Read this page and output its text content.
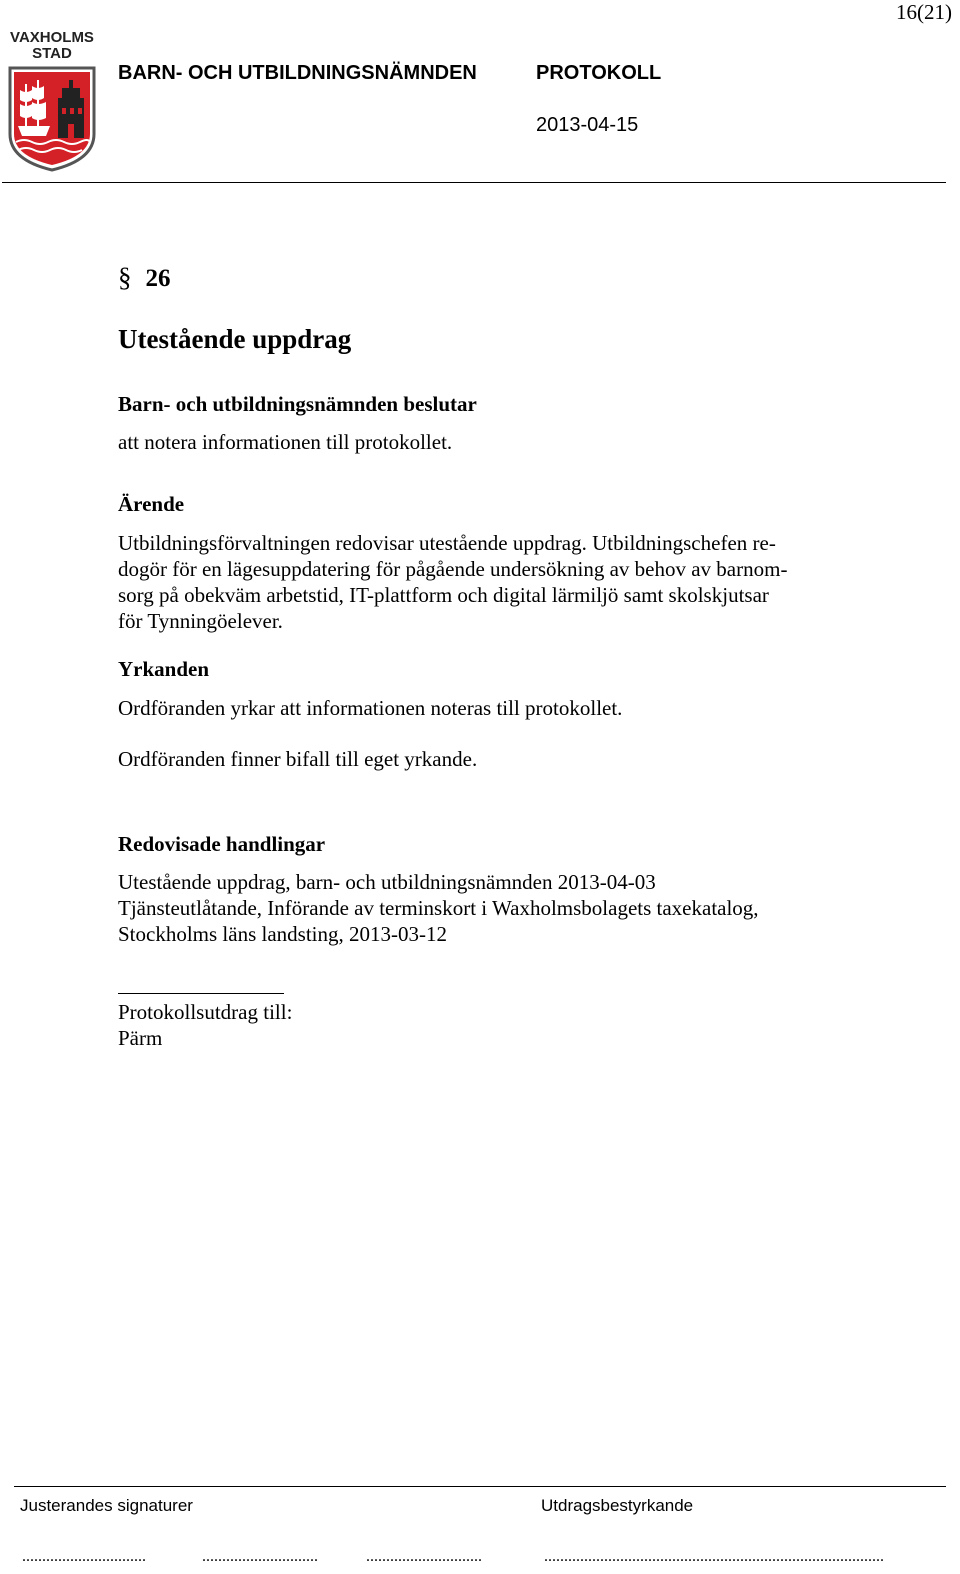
16(21)
VAXHOLMS
STAD
BARN- OCH UTBILDNINGSNÄMNDEN	PROTOKOLL
2013-04-15
§ 26
Utestående uppdrag
Barn- och utbildningsnämnden beslutar
att notera informationen till protokollet.
Ärende
Utbildningsförvaltningen redovisar utestående uppdrag. Utbildningschefen re-
dogör för en lägesuppdatering för pågående undersökning av behov av barnom-
sorg på obekväm arbetstid, IT-plattform och digital lärmiljö samt skolskjutsar
för Tynningöelever.
Yrkanden
Ordföranden yrkar att informationen noteras till protokollet.
Ordföranden finner bifall till eget yrkande.
Redovisade handlingar
Utestående uppdrag, barn- och utbildningsnämnden 2013-04-03
Tjänsteutlåtande, Införande av terminskort i Waxholmsbolagets taxekatalog,
Stockholms läns landsting, 2013-03-12
Protokollsutdrag till:
Pärm
Justerandes signaturer	Utdragsbestyrkande
...............................	.............................	.............................	.....................................................................................
